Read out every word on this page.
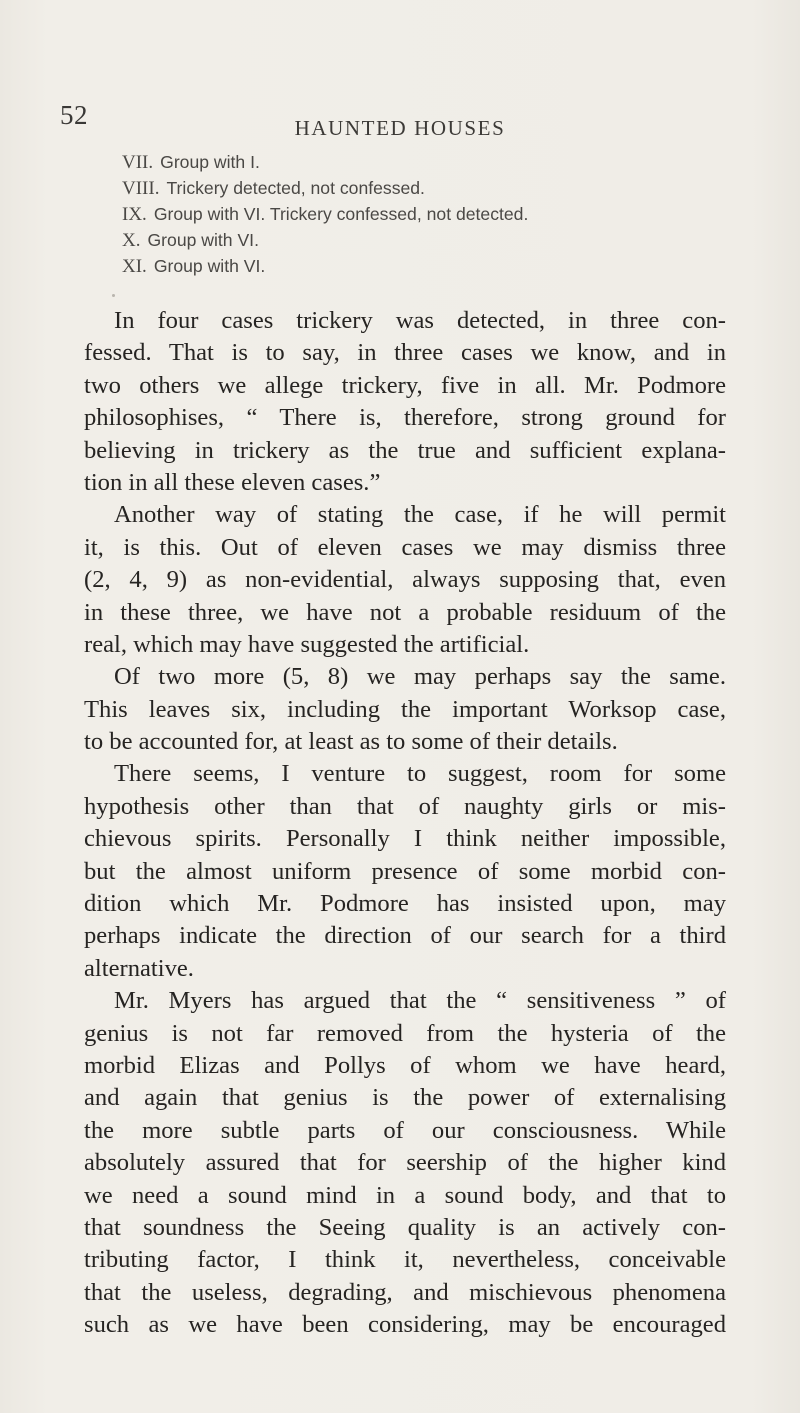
52	HAUNTED HOUSES
VII. Group with I.
VIII. Trickery detected, not confessed.
IX. Group with VI. Trickery confessed, not detected.
X. Group with VI.
XI. Group with VI.
In four cases trickery was detected, in three con-
fessed. That is to say, in three cases we know, and in
two others we allege trickery, five in all. Mr. Podmore
philosophises, “ There is, therefore, strong ground for
believing in trickery as the true and sufficient explana-
tion in all these eleven cases.”
Another way of stating the case, if he will permit
it, is this. Out of eleven cases we may dismiss three
(2, 4, 9) as non-evidential, always supposing that, even
in these three, we have not a probable residuum of the
real, which may have suggested the artificial.
Of two more (5, 8) we may perhaps say the same.
This leaves six, including the important Worksop case,
to be accounted for, at least as to some of their details.
There seems, I venture to suggest, room for some
hypothesis other than that of naughty girls or mis-
chievous spirits. Personally I think neither impossible,
but the almost uniform presence of some morbid con-
dition which Mr. Podmore has insisted upon, may
perhaps indicate the direction of our search for a third
alternative.
Mr. Myers has argued that the “ sensitiveness ” of
genius is not far removed from the hysteria of the
morbid Elizas and Pollys of whom we have heard,
and again that genius is the power of externalising
the more subtle parts of our consciousness. While
absolutely assured that for seership of the higher kind
we need a sound mind in a sound body, and that to
that soundness the Seeing quality is an actively con-
tributing factor, I think it, nevertheless, conceivable
that the useless, degrading, and mischievous phenomena
such as we have been considering, may be encouraged
